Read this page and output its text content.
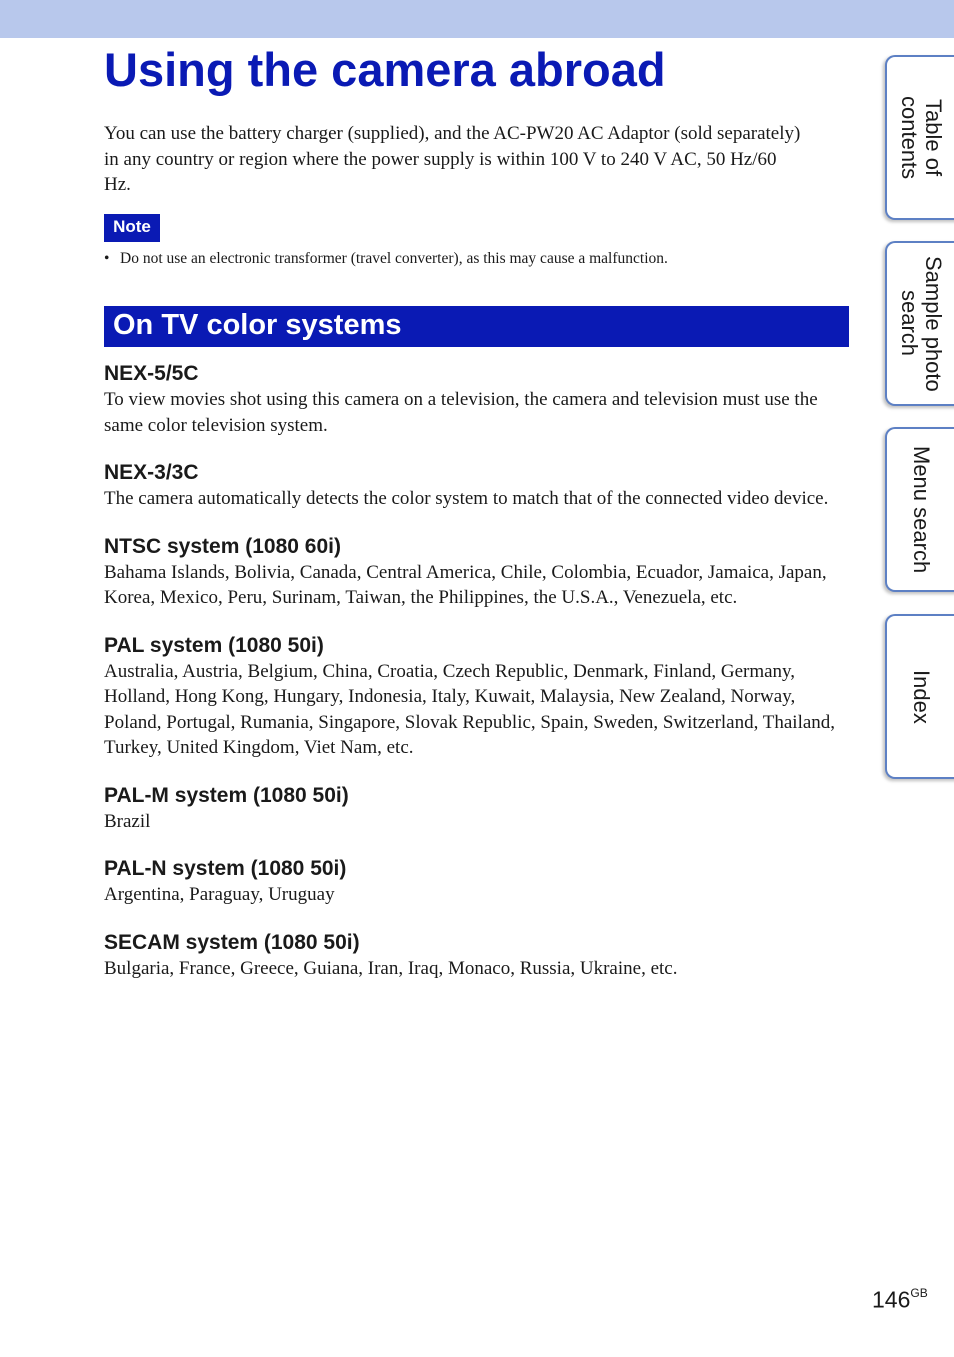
Using the camera abroad

You can use the battery charger (supplied), and the AC-PW20 AC Adaptor (sold separately) in any country or region where the power supply is within 100 V to 240 V AC, 50 Hz/60 Hz.

Note

• Do not use an electronic transformer (travel converter), as this may cause a malfunction.

On TV color systems
NEX-5/5C

To view movies shot using this camera on a television, the camera and television must use the same color television system.

NEX-3/3C

The camera automatically detects the color system to match that of the connected video device.

NTSC system (1080 60i)

Bahama Islands, Bolivia, Canada, Central America, Chile, Colombia, Ecuador, Jamaica, Japan, Korea, Mexico, Peru, Surinam, Taiwan, the Philippines, the U.S.A., Venezuela, etc.

PAL system (1080 50i)

Australia, Austria, Belgium, China, Croatia, Czech Republic, Denmark, Finland, Germany, Holland, Hong Kong, Hungary, Indonesia, Italy, Kuwait, Malaysia, New Zealand, Norway, Poland, Portugal, Rumania, Singapore, Slovak Republic, Spain, Sweden, Switzerland, Thailand, Turkey, United Kingdom, Viet Nam, etc.

PAL-M system (1080 50i)

Brazil

PAL-N system (1080 50i)

Argentina, Paraguay, Uruguay

SECAM system (1080 50i)

Bulgaria, France, Greece, Guiana, Iran, Iraq, Monaco, Russia, Ukraine, etc.

Table of
contents
Sample photo
search
Menu search
Index
$146^{GB}$
